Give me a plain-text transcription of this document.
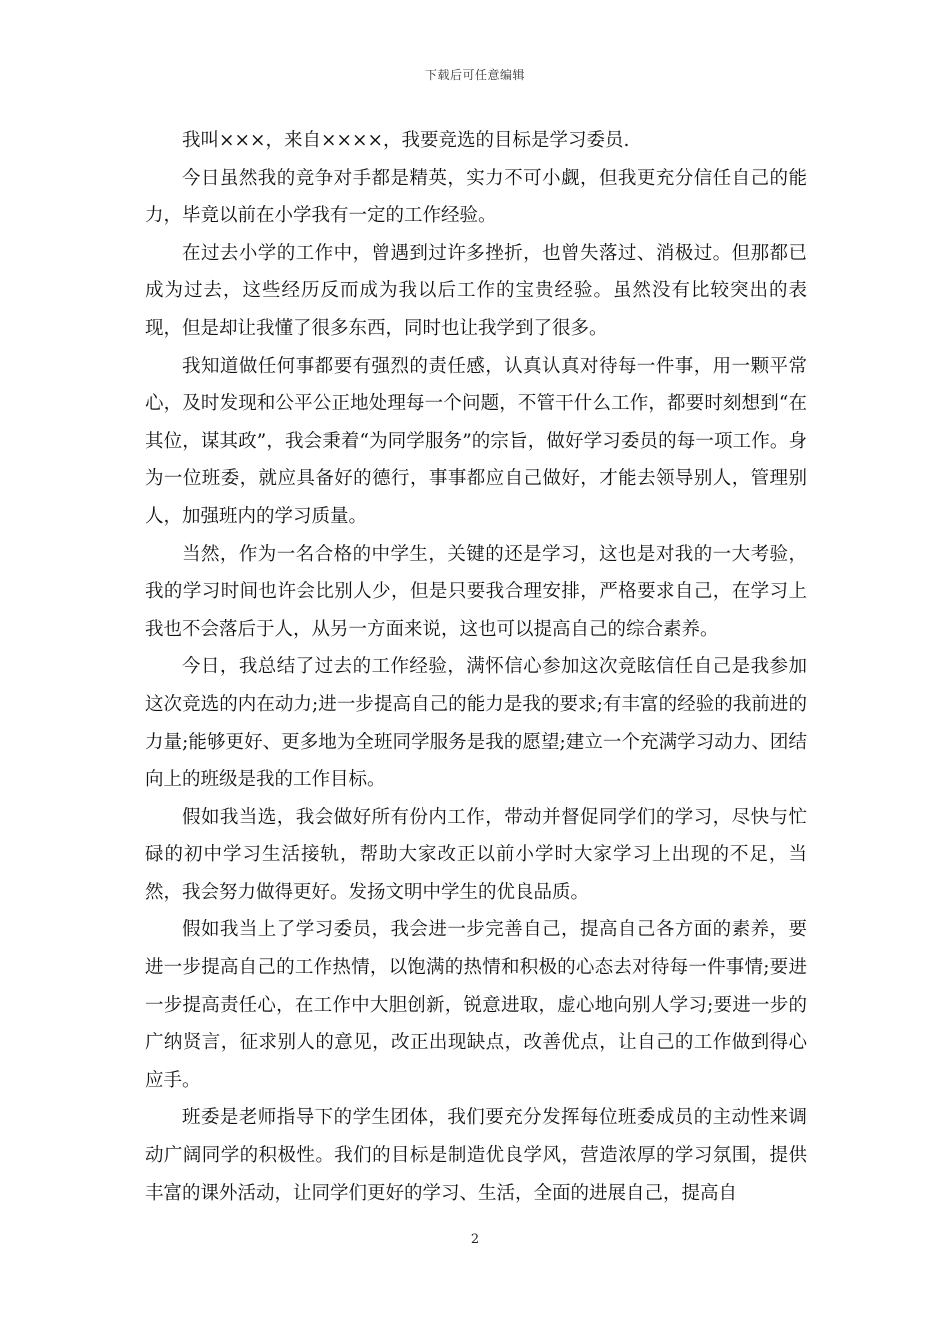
下载后可任意编辑

我叫×××，来自××××，我要竞选的目标是学习委员.

今日虽然我的竞争对手都是精英，实力不可小觑，但我更充分信任自己的能力，毕竟以前在小学我有一定的工作经验。

在过去小学的工作中，曾遇到过许多挫折，也曾失落过、消极过。但那都已成为过去，这些经历反而成为我以后工作的宝贵经验。虽然没有比较突出的表现，但是却让我懂了很多东西，同时也让我学到了很多。

我知道做任何事都要有强烈的责任感，认真认真对待每一件事，用一颗平常心，及时发现和公平公正地处理每一个问题，不管干什么工作，都要时刻想到“在其位，谋其政”，我会秉着“为同学服务”的宗旨，做好学习委员的每一项工作。身为一位班委，就应具备好的德行，事事都应自己做好，才能去领导别人，管理别人，加强班内的学习质量。

当然，作为一名合格的中学生，关键的还是学习，这也是对我的一大考验，我的学习时间也许会比别人少，但是只要我合理安排，严格要求自己，在学习上我也不会落后于人，从另一方面来说，这也可以提高自己的综合素养。

今日，我总结了过去的工作经验，满怀信心参加这次竞眩信任自己是我参加这次竞选的内在动力;进一步提高自己的能力是我的要求;有丰富的经验的我前进的力量;能够更好、更多地为全班同学服务是我的愿望;建立一个充满学习动力、团结向上的班级是我的工作目标。

假如我当选，我会做好所有份内工作，带动并督促同学们的学习，尽快与忙碌的初中学习生活接轨，帮助大家改正以前小学时大家学习上出现的不足，当然，我会努力做得更好。发扬文明中学生的优良品质。

假如我当上了学习委员，我会进一步完善自己，提高自己各方面的素养，要进一步提高自己的工作热情，以饱满的热情和积极的心态去对待每一件事情;要进一步提高责任心，在工作中大胆创新，锐意进取，虚心地向别人学习;要进一步的广纳贤言，征求别人的意见，改正出现缺点，改善优点，让自己的工作做到得心应手。

班委是老师指导下的学生团体，我们要充分发挥每位班委成员的主动性来调动广阔同学的积极性。我们的目标是制造优良学风，营造浓厚的学习氛围，提供丰富的课外活动，让同学们更好的学习、生活，全面的进展自己，提高自

2
